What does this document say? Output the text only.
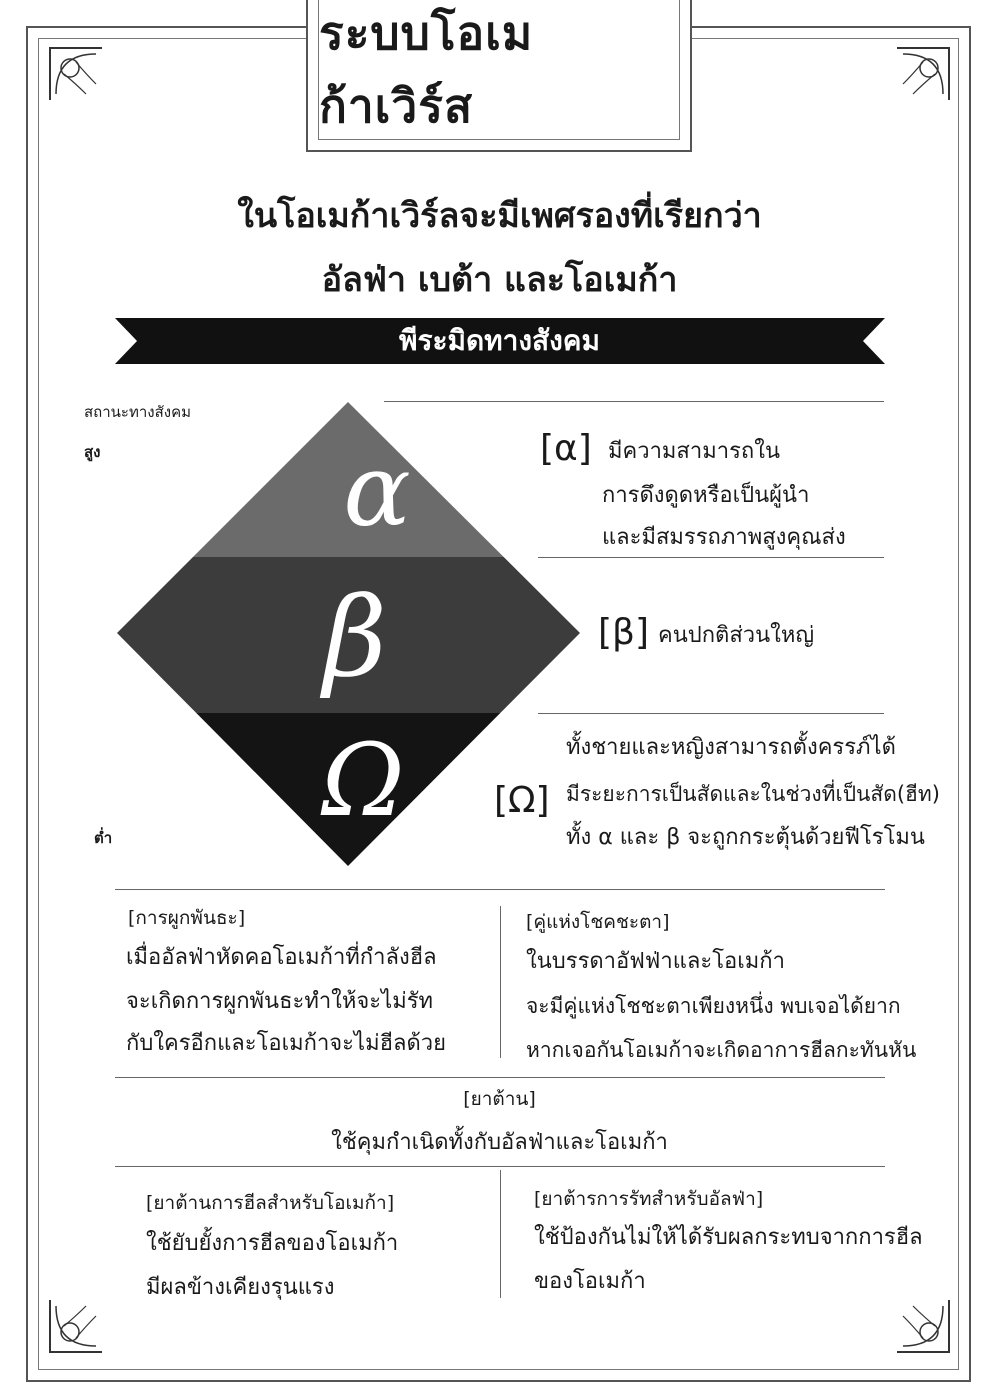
ระบบโอเมก้าเวิร์ส
ในโอเมก้าเวิร์ลจะมีเพศรองที่เรียกว่า
อัลฟ่า เบต้า และโอเมก้า
พีระมิดทางสังคม
สถานะทางสังคม
สูง
ต่ำ
α
β
Ω
[α] มีความสามารถใน
การดึงดูดหรือเป็นผู้นำ
และมีสมรรถภาพสูงคุณส่ง
[β] คนปกติส่วนใหญ่
[Ω]
ทั้งชายและหญิงสามารถตั้งครรภ์ได้
มีระยะการเป็นสัดและในช่วงที่เป็นสัด(ฮีท)
ทั้ง α และ β จะถูกกระตุ้นด้วยฟีโรโมน
[การผูกพันธะ]
เมื่ออัลฟ่าหัดคอโอเมก้าที่กำลังฮีล
จะเกิดการผูกพันธะทำให้จะไม่รัท
กับใครอีกและโอเมก้าจะไม่ฮีลด้วย
[คู่แห่งโชคชะตา]
ในบรรดาอัฟฟ่าและโอเมก้า
จะมีคู่แห่งโชชะตาเพียงหนึ่ง พบเจอได้ยาก
หากเจอกันโอเมก้าจะเกิดอาการฮีลกะทันหัน
[ยาต้าน]
ใช้คุมกำเนิดทั้งกับอัลฟ่าและโอเมก้า
[ยาต้านการฮีลสำหรับโอเมก้า]
ใช้ยับยั้งการฮีลของโอเมก้า
มีผลข้างเคียงรุนแรง
[ยาต้ารการรัทสำหรับอัลฟ่า]
ใช้ป้องกันไม่ให้ได้รับผลกระทบจากการฮีล
ของโอเมก้า
